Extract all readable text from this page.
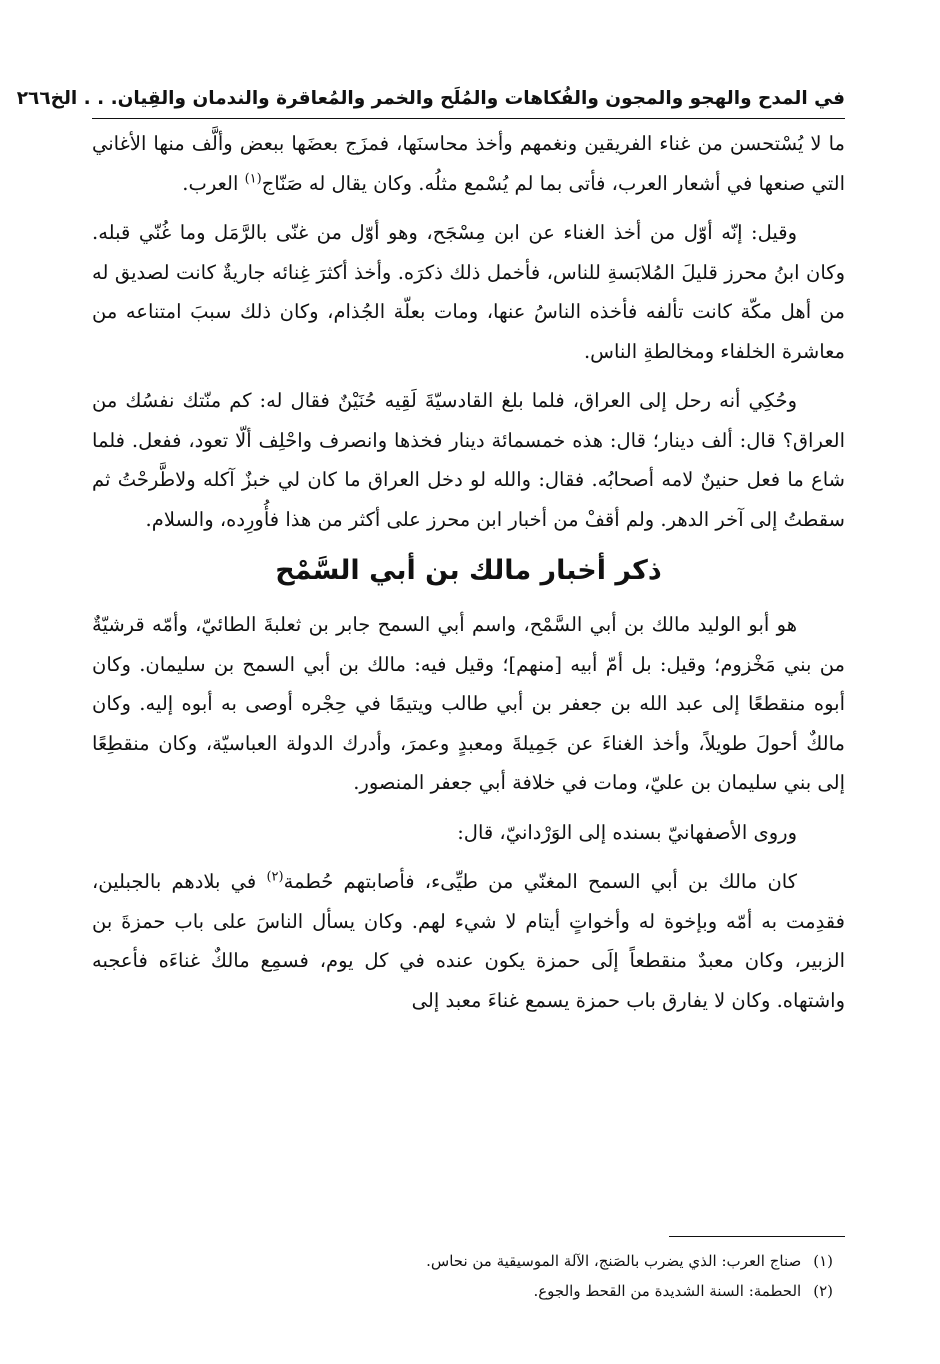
في المدح والهجو والمجون والفُكاهات والمُلَح والخمر والمُعاقرة والندمان والقِيان. . . الخ
٢٦٦

ما لا يُسْتحسن من غناء الفريقين ونغمهم وأخذ محاسنَها، فمزَج بعضَها ببعض وألَّف منها الأغاني التي صنعها في أشعار العرب، فأتى بما لم يُسْمع مثلُه. وكان يقال له صَنّاج$^{(١)}$ العرب.

وقيل: إنّه أوّل من أخذ الغناء عن ابن مِسْجَح، وهو أوّل من غنّى بالرَّمَل وما غُنّي قبله. وكان ابنُ محرز قليلَ المُلابَسةِ للناس، فأخمل ذلك ذكرَه. وأخذ أكثرَ غِنائه جاريةٌ كانت لصديق له من أهل مكّة كانت تألفه فأخذه الناسُ عنها، ومات بعلّة الجُذام، وكان ذلك سببَ امتناعه من معاشرة الخلفاء ومخالطةِ الناس.

وحُكِي أنه رحل إلى العراق، فلما بلغ القادسيّةَ لَقِيه حُنَيْنٌ فقال له: كم منّتك نفسُك من العراق؟ قال: ألف دينار؛ قال: هذه خمسمائة دينار فخذها وانصرف واحْلِف ألّا تعود، ففعل. فلما شاع ما فعل حنينٌ لامه أصحابُه. فقال: والله لو دخل العراق ما كان لي خبزٌ آكله ولاطَّرحْتُ ثم سقطتُ إلى آخر الدهر. ولم أقفْ من أخبار ابن محرز على أكثر من هذا فأُورِده، والسلام.

ذكر أخبار مالك بن أبي السَّمْح

هو أبو الوليد مالك بن أبي السَّمْح، واسم أبي السمح جابر بن ثعلبةَ الطائيّ، وأمّه قرشيّةٌ من بني مَخْزوم؛ وقيل: بل أمّ أبيه [منهم]؛ وقيل فيه: مالك بن أبي السمح بن سليمان. وكان أبوه منقطعًا إلى عبد الله بن جعفر بن أبي طالب ويتيمًا في حِجْره أوصى به أبوه إليه. وكان مالكٌ أحولَ طويلاً، وأخذ الغناءَ عن جَمِيلةَ ومعبدٍ وعمرَ، وأدرك الدولة العباسيّة، وكان منقطِعًا إلى بني سليمان بن عليّ، ومات في خلافة أبي جعفر المنصور.

وروى الأصفهانيّ بسنده إلى الوَرْدانيّ، قال:

كان مالك بن أبي السمح المغنّي من طيِّىء، فأصابتهم حُطمة$^{(٢)}$ في بلادهم بالجبلين، فقدِمت به أمّه وبإخوة له وأخواتٍ أيتام لا شيء لهم. وكان يسأل الناسَ على باب حمزةَ بن الزبير، وكان معبدٌ منقطعاً إلَى حمزة يكون عنده في كل يوم، فسمِع مالكٌ غناءَه فأعجبه واشتهاه. وكان لا يفارق باب حمزة يسمع غناءَ معبد إلى

(١)صناج العرب: الذي يضرب بالصَنج، الآلة الموسيقية من نحاس.

(٢)الحطمة: السنة الشديدة من القحط والجوع.
